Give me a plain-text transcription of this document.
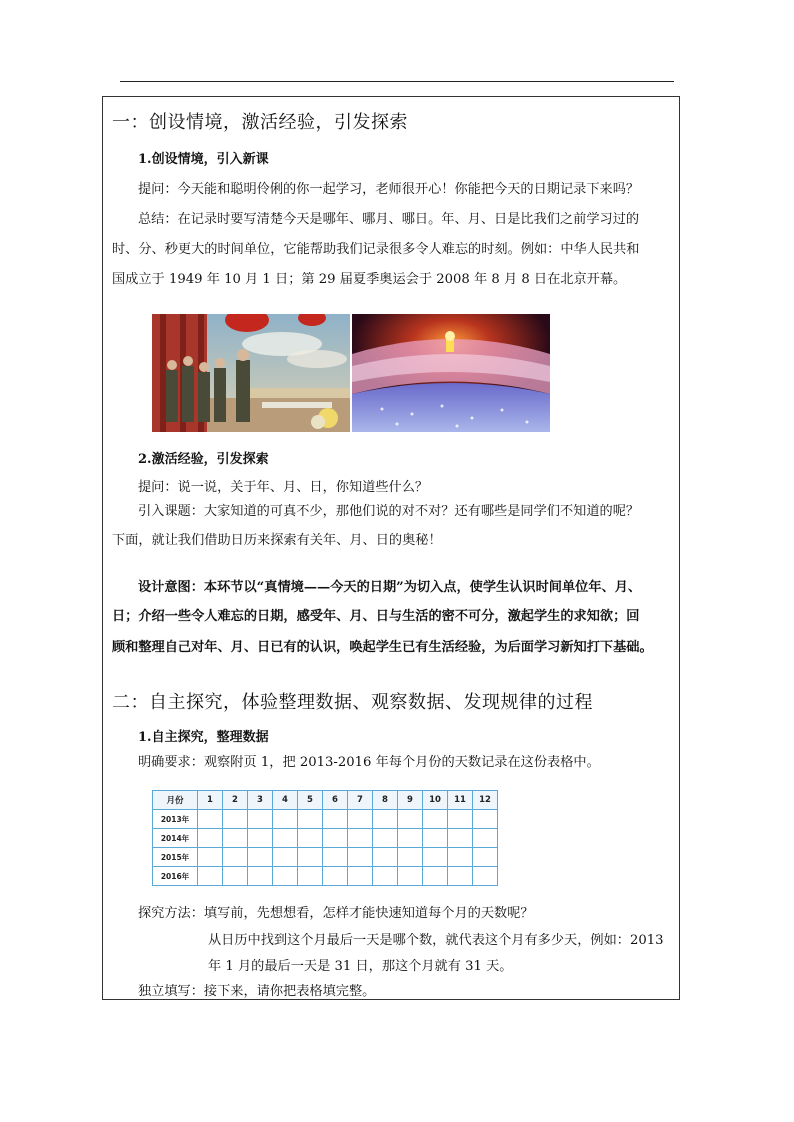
一：创设情境，激活经验，引发探索
1.创设情境，引入新课
提问：今天能和聪明伶俐的你一起学习，老师很开心！你能把今天的日期记录下来吗？
总结：在记录时要写清楚今天是哪年、哪月、哪日。年、月、日是比我们之前学习过的
时、分、秒更大的时间单位，它能帮助我们记录很多令人难忘的时刻。例如：中华人民共和
国成立于 1949 年 10 月 1 日；第 29 届夏季奥运会于 2008 年 8 月 8 日在北京开幕。
2.激活经验，引发探索
提问：说一说，关于年、月、日，你知道些什么？
引入课题：大家知道的可真不少，那他们说的对不对？还有哪些是同学们不知道的呢？
下面，就让我们借助日历来探索有关年、月、日的奥秘！
设计意图：本环节以“真情境——今天的日期”为切入点，使学生认识时间单位年、月、
日；介绍一些令人难忘的日期，感受年、月、日与生活的密不可分，激起学生的求知欲；回
顾和整理自己对年、月、日已有的认识，唤起学生已有生活经验，为后面学习新知打下基础。
二：自主探究，体验整理数据、观察数据、发现规律的过程
1.自主探究，整理数据
明确要求：观察附页 1，把 2013-2016 年每个月份的天数记录在这份表格中。
月份	1	2	3	4	5	6	7	8	9	10	11	12
2013年												
2014年												
2015年												
2016年												
探究方法：填写前，先想想看，怎样才能快速知道每个月的天数呢？
从日历中找到这个月最后一天是哪个数，就代表这个月有多少天，例如：2013
年 1 月的最后一天是 31 日，那这个月就有 31 天。
独立填写：接下来，请你把表格填完整。
